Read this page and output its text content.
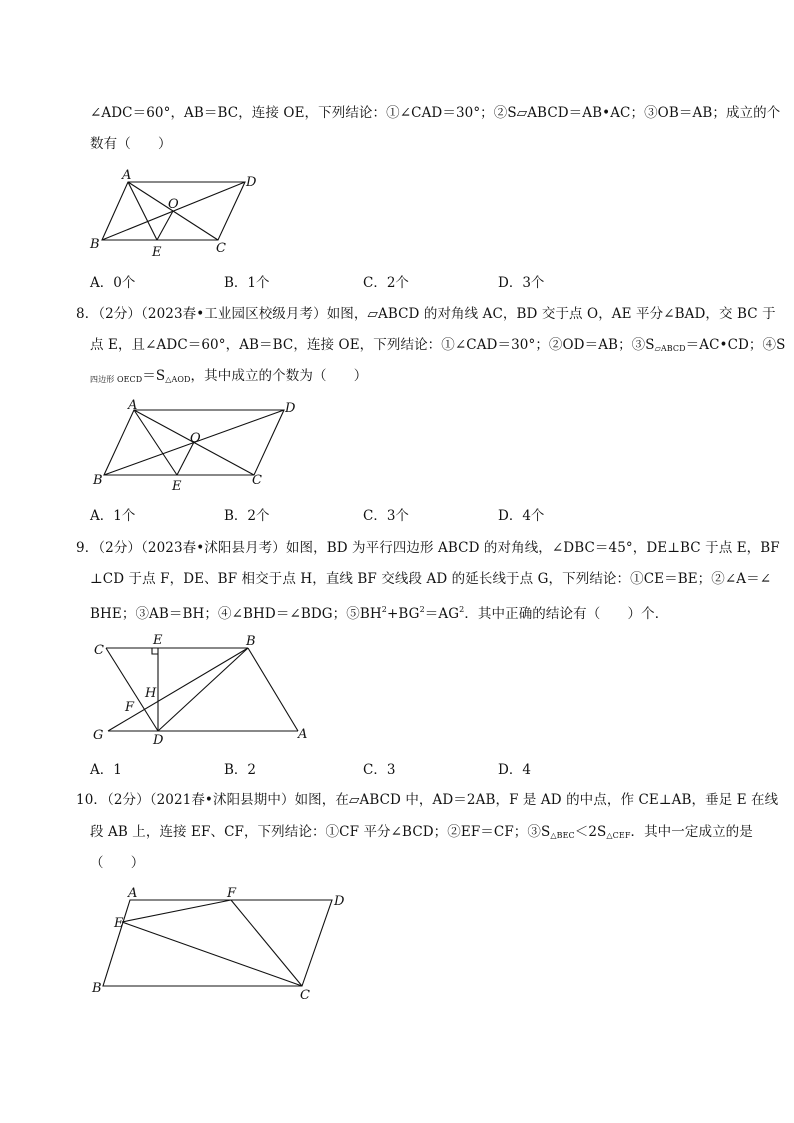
∠ADC＝60°，AB＝BC，连接 OE，下列结论：①∠CAD＝30°；②S▱ABCD＝AB•AC；③OB＝AB；成立的个
数有（　　）
A	D
O
B
E	C
A．0个	B．1个	C．2个	D．3个
8．（2分）（2023春•工业园区校级月考）如图，▱ABCD 的对角线 AC，BD 交于点 O，AE 平分∠BAD，交 BC 于
点 E，且∠ADC＝60°，AB＝BC，连接 OE，下列结论：①∠CAD＝30°；②OD＝AB；$③S_{▱ABCD}=AC•CD$；④S
$_{四边形 OECD}=S_{\triangle AOD}$，其中成立的个数为（　　）
A	D
O
B	E	C
A．1个	B．2个	C．3个	D．4个
9．（2分）（2023春•沭阳县月考）如图，BD 为平行四边形 ABCD 的对角线，∠DBC＝45°，DE⊥BC 于点 E，BF
⊥CD 于点 F，DE、BF 相交于点 H，直线 BF 交线段 AD 的延长线于点 G，下列结论：①CE＝BE；②∠A＝∠
BHE；③AB＝BH；④∠BHD＝∠BDG；$⑤BH^2+BG^2=AG^2$．其中正确的结论有（　　）个．
C
E	B
H
F
G	D	A
A．1	B．2	C．3	D．4
10．（2分）（2021春•沭阳县期中）如图，在▱ABCD 中，AD＝2AB，F 是 AD 的中点，作 CE⊥AB，垂足 E 在线
段 AB 上，连接 EF、CF，下列结论：①CF 平分∠BCD；②EF＝CF；$③S_{\triangle BEC}<2S_{\triangle CEF}$．其中一定成立的是
（　　）
A	F
D
E
B	C
